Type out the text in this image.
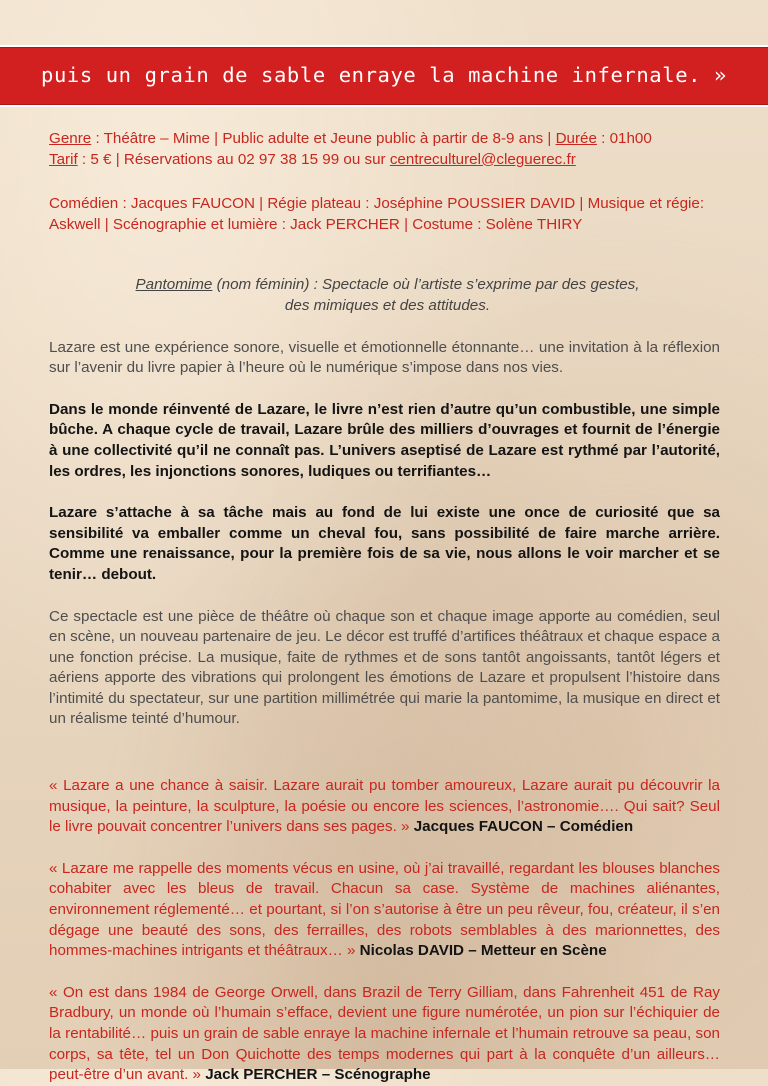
puis un grain de sable enraye la machine infernale. »

Genre : Théâtre – Mime | Public adulte et Jeune public à partir de 8-9 ans | Durée : 01h00

Tarif : 5 € | Réservations au 02 97 38 15 99 ou sur centreculturel@cleguerec.fr

Comédien : Jacques FAUCON | Régie plateau : Joséphine POUSSIER DAVID | Musique et régie:
Askwell | Scénographie et lumière : Jack PERCHER | Costume : Solène THIRY

Pantomime (nom féminin) : Spectacle où l’artiste s’exprime par des gestes,
des mimiques et des attitudes.

Lazare est une expérience sonore, visuelle et émotionnelle étonnante… une invitation à la réflexion sur l’avenir du livre papier à l’heure où le numérique s’impose dans nos vies.

Dans le monde réinventé de Lazare, le livre n’est rien d’autre qu’un combustible, une simple bûche. A chaque cycle de travail, Lazare brûle des milliers d’ouvrages et fournit de l’énergie à une collectivité qu’il ne connaît pas. L’univers aseptisé de Lazare est rythmé par l’autorité, les ordres, les injonctions sonores, ludiques ou terrifiantes…

Lazare s’attache à sa tâche mais au fond de lui existe une once de curiosité que sa sensibilité va emballer comme un cheval fou, sans possibilité de faire marche arrière. Comme une renaissance, pour la première fois de sa vie, nous allons le voir marcher et se tenir… debout.

Ce spectacle est une pièce de théâtre où chaque son et chaque image apporte au comédien, seul en scène, un nouveau partenaire de jeu. Le décor est truffé d’artifices théâtraux et chaque espace a une fonction précise. La musique, faite de rythmes et de sons tantôt angoissants, tantôt légers et aériens apporte des vibrations qui prolongent les émotions de Lazare et propulsent l’histoire dans l’intimité du spectateur, sur une partition millimétrée qui marie la pantomime, la musique en direct et un réalisme teinté d’humour.

« Lazare a une chance à saisir. Lazare aurait pu tomber amoureux, Lazare aurait pu découvrir la musique, la peinture, la sculpture, la poésie ou encore les sciences, l’astronomie…. Qui sait? Seul le livre pouvait concentrer l’univers dans ses pages. » Jacques FAUCON – Comédien

« Lazare me rappelle des moments vécus en usine, où j’ai travaillé, regardant les blouses blanches cohabiter avec les bleus de travail. Chacun sa case. Système de machines aliénantes, environnement réglementé… et pourtant, si l’on s’autorise à être un peu rêveur, fou, créateur, il s’en dégage une beauté des sons, des ferrailles, des robots semblables à des marionnettes, des hommes-machines intrigants et théâtraux… » Nicolas DAVID – Metteur en Scène

« On est dans 1984 de George Orwell, dans Brazil de Terry Gilliam, dans Fahrenheit 451 de Ray Bradbury, un monde où l’humain s’efface, devient une figure numérotée, un pion sur l’échiquier de la rentabilité… puis un grain de sable enraye la machine infernale et l’humain retrouve sa peau, son corps, sa tête, tel un Don Quichotte des temps modernes qui part à la conquête d’un ailleurs… peut-être d’un avant. » Jack PERCHER – Scénographe
